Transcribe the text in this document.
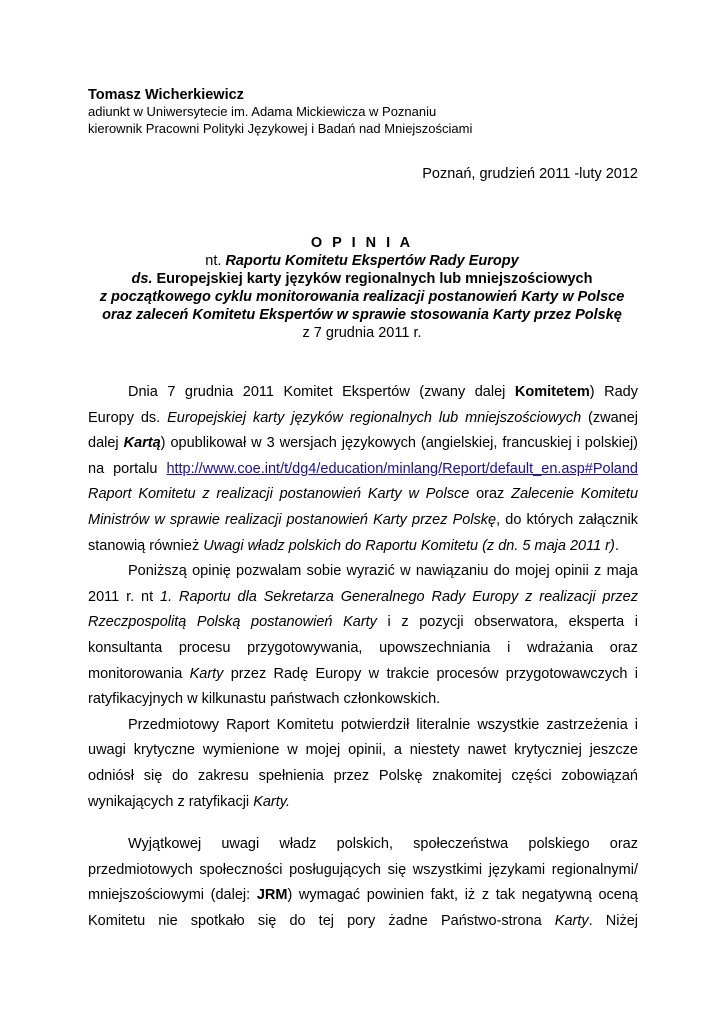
Tomasz Wicherkiewicz

adiunkt w Uniwersytecie im. Adama Mickiewicza w Poznaniu

kierownik Pracowni Polityki Językowej i Badań nad Mniejszościami

Poznań, grudzień 2011 -luty 2012

O P I N I A

nt. Raportu Komitetu Ekspertów Rady Europy

ds. Europejskiej karty języków regionalnych lub mniejszościowych

z początkowego cyklu monitorowania realizacji postanowień Karty w Polsce

oraz zaleceń Komitetu Ekspertów w sprawie stosowania Karty przez Polskę

z 7 grudnia 2011 r.

Dnia 7 grudnia 2011 Komitet Ekspertów (zwany dalej Komitetem) Rady Europy ds. Europejskiej karty języków regionalnych lub mniejszościowych (zwanej dalej Kartą) opublikował w 3 wersjach językowych (angielskiej, francuskiej i polskiej) na portalu http://www.coe.int/t/dg4/education/minlang/Report/default_en.asp#Poland Raport Komitetu z realizacji postanowień Karty w Polsce oraz Zalecenie Komitetu Ministrów w sprawie realizacji postanowień Karty przez Polskę, do których załącznik stanowią również Uwagi władz polskich do Raportu Komitetu (z dn. 5 maja 2011 r).

Poniższą opinię pozwalam sobie wyrazić w nawiązaniu do mojej opinii z maja 2011 r. nt 1. Raportu dla Sekretarza Generalnego Rady Europy z realizacji przez Rzeczpospolitą Polską postanowień Karty i z pozycji obserwatora, eksperta i konsultanta procesu przygotowywania, upowszechniania i wdrażania oraz monitorowania Karty przez Radę Europy w trakcie procesów przygotowawczych i ratyfikacyjnych w kilkunastu państwach członkowskich.

Przedmiotowy Raport Komitetu potwierdził literalnie wszystkie zastrzeżenia i uwagi krytyczne wymienione w mojej opinii, a niestety nawet krytyczniej jeszcze odniósł się do zakresu spełnienia przez Polskę znakomitej części zobowiązań wynikających z ratyfikacji Karty.

Wyjątkowej uwagi władz polskich, społeczeństwa polskiego oraz przedmiotowych społeczności posługujących się wszystkimi językami regionalnymi/ mniejszościowymi (dalej: JRM) wymagać powinien fakt, iż z tak negatywną oceną Komitetu nie spotkało się do tej pory żadne Państwo-strona Karty. Niżej
